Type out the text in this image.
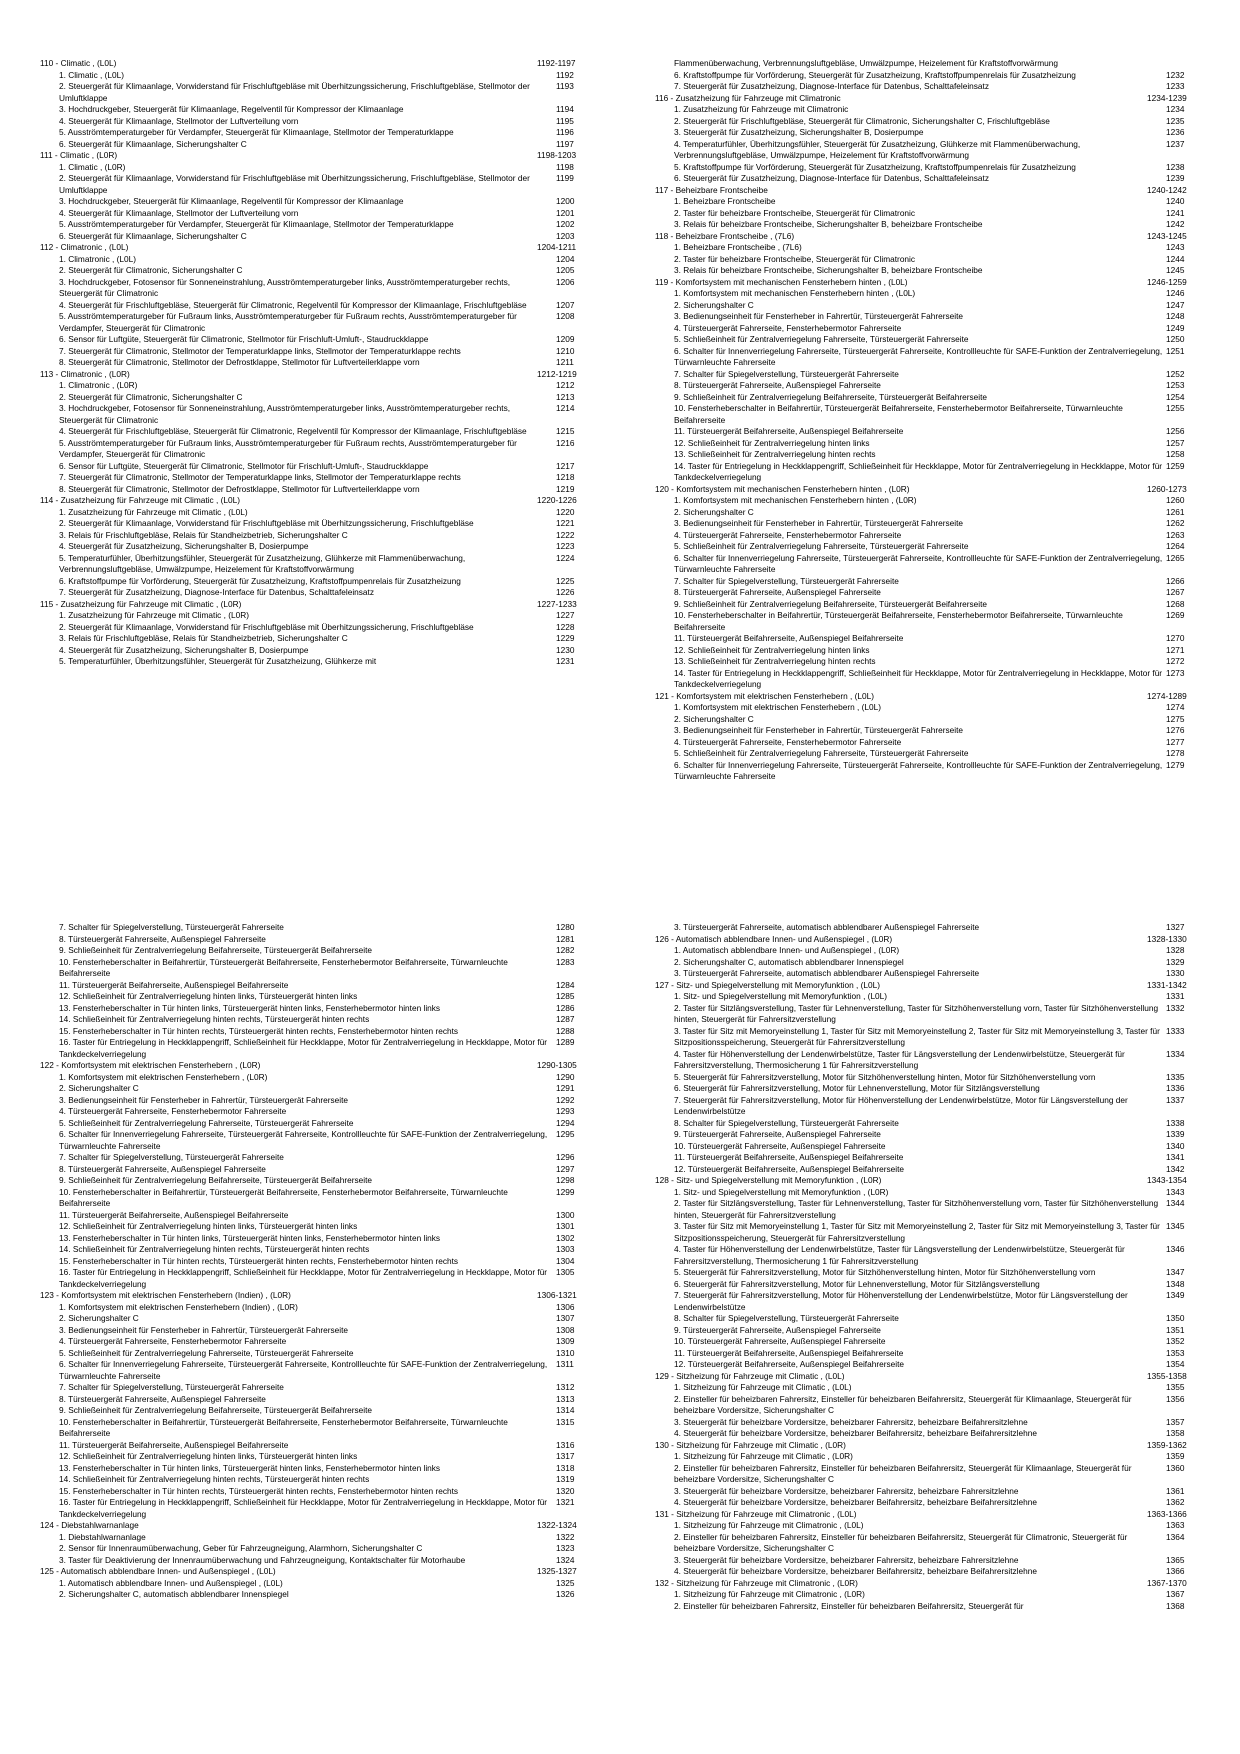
110 - Climatic , (L0L)	1192-1197
1. Climatic , (L0L)	1192
2. Steuergerät für Klimaanlage, Vorwiderstand für Frischluftgebläse mit Überhitzungssicherung, Frischluftgebläse, Stellmotor der Umluftklappe
1193
3. Hochdruckgeber, Steuergerät für Klimaanlage, Regelventil für Kompressor der Klimaanlage	1194
4. Steuergerät für Klimaanlage, Stellmotor der Luftverteilung vorn	1195
5. Ausströmtemperaturgeber für Verdampfer, Steuergerät für Klimaanlage, Stellmotor der Temperaturklappe	1196
6. Steuergerät für Klimaanlage, Sicherungshalter C	1197
111 - Climatic , (L0R)	1198-1203
1. Climatic , (L0R)	1198
2. Steuergerät für Klimaanlage, Vorwiderstand für Frischluftgebläse mit Überhitzungssicherung, Frischluftgebläse, Stellmotor der Umluftklappe
1199
3. Hochdruckgeber, Steuergerät für Klimaanlage, Regelventil für Kompressor der Klimaanlage	1200
4. Steuergerät für Klimaanlage, Stellmotor der Luftverteilung vorn	1201
5. Ausströmtemperaturgeber für Verdampfer, Steuergerät für Klimaanlage, Stellmotor der Temperaturklappe	1202
6. Steuergerät für Klimaanlage, Sicherungshalter C	1203
112 - Climatronic , (L0L)	1204-1211
1. Climatronic , (L0L)	1204
2. Steuergerät für Climatronic, Sicherungshalter C	1205
3. Hochdruckgeber, Fotosensor für Sonneneinstrahlung, Ausströmtemperaturgeber links, Ausströmtemperaturgeber rechts, Steuergerät für Climatronic
1206
4. Steuergerät für Frischluftgebläse, Steuergerät für Climatronic, Regelventil für Kompressor der Klimaanlage, Frischluftgebläse	1207
5. Ausströmtemperaturgeber für Fußraum links, Ausströmtemperaturgeber für Fußraum rechts, Ausströmtemperaturgeber für Verdampfer, Steuergerät für Climatronic
1208
6. Sensor für Luftgüte, Steuergerät für Climatronic, Stellmotor für Frischluft-Umluft-, Staudruckklappe	1209
7. Steuergerät für Climatronic, Stellmotor der Temperaturklappe links, Stellmotor der Temperaturklappe rechts	1210
8. Steuergerät für Climatronic, Stellmotor der Defrostklappe, Stellmotor für Luftverteilerklappe vorn	1211
113 - Climatronic , (L0R)	1212-1219
1. Climatronic , (L0R)	1212
2. Steuergerät für Climatronic, Sicherungshalter C	1213
3. Hochdruckgeber, Fotosensor für Sonneneinstrahlung, Ausströmtemperaturgeber links, Ausströmtemperaturgeber rechts, Steuergerät für Climatronic
1214
4. Steuergerät für Frischluftgebläse, Steuergerät für Climatronic, Regelventil für Kompressor der Klimaanlage, Frischluftgebläse	1215
5. Ausströmtemperaturgeber für Fußraum links, Ausströmtemperaturgeber für Fußraum rechts, Ausströmtemperaturgeber für Verdampfer, Steuergerät für Climatronic
1216
6. Sensor für Luftgüte, Steuergerät für Climatronic, Stellmotor für Frischluft-Umluft-, Staudruckklappe	1217
7. Steuergerät für Climatronic, Stellmotor der Temperaturklappe links, Stellmotor der Temperaturklappe rechts	1218
8. Steuergerät für Climatronic, Stellmotor der Defrostklappe, Stellmotor für Luftverteilerklappe vorn	1219
114 - Zusatzheizung für Fahrzeuge mit Climatic , (L0L)	1220-1226
1. Zusatzheizung für Fahrzeuge mit Climatic , (L0L)	1220
2. Steuergerät für Klimaanlage, Vorwiderstand für Frischluftgebläse mit Überhitzungssicherung, Frischluftgebläse	1221
3. Relais für Frischluftgebläse, Relais für Standheizbetrieb, Sicherungshalter C	1222
4. Steuergerät für Zusatzheizung, Sicherungshalter B, Dosierpumpe	1223
5. Temperaturfühler, Überhitzungsfühler, Steuergerät für Zusatzheizung, Glühkerze mit Flammenüberwachung, Verbrennungsluftgebläse, Umwälzpumpe, Heizelement für Kraftstoffvorwärmung
1224
6. Kraftstoffpumpe für Vorförderung, Steuergerät für Zusatzheizung, Kraftstoffpumpenrelais für Zusatzheizung	1225
7. Steuergerät für Zusatzheizung, Diagnose-Interface für Datenbus, Schalttafeleinsatz	1226
115 - Zusatzheizung für Fahrzeuge mit Climatic , (L0R)	1227-1233
1. Zusatzheizung für Fahrzeuge mit Climatic , (L0R)	1227
2. Steuergerät für Klimaanlage, Vorwiderstand für Frischluftgebläse mit Überhitzungssicherung, Frischluftgebläse	1228
3. Relais für Frischluftgebläse, Relais für Standheizbetrieb, Sicherungshalter C	1229
4. Steuergerät für Zusatzheizung, Sicherungshalter B, Dosierpumpe	1230
5. Temperaturfühler, Überhitzungsfühler, Steuergerät für Zusatzheizung, Glühkerze mit	1231
Flammenüberwachung, Verbrennungsluftgebläse, Umwälzpumpe, Heizelement für Kraftstoffvorwärmung
6. Kraftstoffpumpe für Vorförderung, Steuergerät für Zusatzheizung, Kraftstoffpumpenrelais für Zusatzheizung	1232
7. Steuergerät für Zusatzheizung, Diagnose-Interface für Datenbus, Schalttafeleinsatz	1233
116 - Zusatzheizung für Fahrzeuge mit Climatronic	1234-1239
1. Zusatzheizung für Fahrzeuge mit Climatronic	1234
2. Steuergerät für Frischluftgebläse, Steuergerät für Climatronic, Sicherungshalter C, Frischluftgebläse	1235
3. Steuergerät für Zusatzheizung, Sicherungshalter B, Dosierpumpe	1236
4. Temperaturfühler, Überhitzungsfühler, Steuergerät für Zusatzheizung, Glühkerze mit Flammenüberwachung, Verbrennungsluftgebläse, Umwälzpumpe, Heizelement für Kraftstoffvorwärmung
1237
5. Kraftstoffpumpe für Vorförderung, Steuergerät für Zusatzheizung, Kraftstoffpumpenrelais für Zusatzheizung	1238
6. Steuergerät für Zusatzheizung, Diagnose-Interface für Datenbus, Schalttafeleinsatz	1239
117 - Beheizbare Frontscheibe	1240-1242
1. Beheizbare Frontscheibe	1240
2. Taster für beheizbare Frontscheibe, Steuergerät für Climatronic	1241
3. Relais für beheizbare Frontscheibe, Sicherungshalter B, beheizbare Frontscheibe	1242
118 - Beheizbare Frontscheibe , (7L6)	1243-1245
1. Beheizbare Frontscheibe , (7L6)	1243
2. Taster für beheizbare Frontscheibe, Steuergerät für Climatronic	1244
3. Relais für beheizbare Frontscheibe, Sicherungshalter B, beheizbare Frontscheibe	1245
119 - Komfortsystem mit mechanischen Fensterhebern hinten , (L0L)	1246-1259
1. Komfortsystem mit mechanischen Fensterhebern hinten , (L0L)	1246
2. Sicherungshalter C	1247
3. Bedienungseinheit für Fensterheber in Fahrertür, Türsteuergerät Fahrerseite	1248
4. Türsteuergerät Fahrerseite, Fensterhebermotor Fahrerseite	1249
5. Schließeinheit für Zentralverriegelung Fahrerseite, Türsteuergerät Fahrerseite	1250
6. Schalter für Innenverriegelung Fahrerseite, Türsteuergerät Fahrerseite, Kontrollleuchte für SAFE-Funktion der Zentralverriegelung, Türwarnleuchte Fahrerseite
1251
7. Schalter für Spiegelverstellung, Türsteuergerät Fahrerseite	1252
8. Türsteuergerät Fahrerseite, Außenspiegel Fahrerseite	1253
9. Schließeinheit für Zentralverriegelung Beifahrerseite, Türsteuergerät Beifahrerseite	1254
10. Fensterheberschalter in Beifahrertür, Türsteuergerät Beifahrerseite, Fensterhebermotor Beifahrerseite, Türwarnleuchte Beifahrerseite
1255
11. Türsteuergerät Beifahrerseite, Außenspiegel Beifahrerseite	1256
12. Schließeinheit für Zentralverriegelung hinten links	1257
13. Schließeinheit für Zentralverriegelung hinten rechts	1258
14. Taster für Entriegelung in Heckklappengriff, Schließeinheit für Heckklappe, Motor für Zentralverriegelung in Heckklappe, Motor für Tankdeckelverriegelung
1259
120 - Komfortsystem mit mechanischen Fensterhebern hinten , (L0R)	1260-1273
1. Komfortsystem mit mechanischen Fensterhebern hinten , (L0R)	1260
2. Sicherungshalter C	1261
3. Bedienungseinheit für Fensterheber in Fahrertür, Türsteuergerät Fahrerseite	1262
4. Türsteuergerät Fahrerseite, Fensterhebermotor Fahrerseite	1263
5. Schließeinheit für Zentralverriegelung Fahrerseite, Türsteuergerät Fahrerseite	1264
6. Schalter für Innenverriegelung Fahrerseite, Türsteuergerät Fahrerseite, Kontrollleuchte für SAFE-Funktion der Zentralverriegelung, Türwarnleuchte Fahrerseite
1265
7. Schalter für Spiegelverstellung, Türsteuergerät Fahrerseite	1266
8. Türsteuergerät Fahrerseite, Außenspiegel Fahrerseite	1267
9. Schließeinheit für Zentralverriegelung Beifahrerseite, Türsteuergerät Beifahrerseite	1268
10. Fensterheberschalter in Beifahrertür, Türsteuergerät Beifahrerseite, Fensterhebermotor Beifahrerseite, Türwarnleuchte Beifahrerseite
1269
11. Türsteuergerät Beifahrerseite, Außenspiegel Beifahrerseite	1270
12. Schließeinheit für Zentralverriegelung hinten links	1271
13. Schließeinheit für Zentralverriegelung hinten rechts	1272
14. Taster für Entriegelung in Heckklappengriff, Schließeinheit für Heckklappe, Motor für Zentralverriegelung in Heckklappe, Motor für Tankdeckelverriegelung
1273
121 - Komfortsystem mit elektrischen Fensterhebern , (L0L)	1274-1289
1. Komfortsystem mit elektrischen Fensterhebern , (L0L)	1274
2. Sicherungshalter C	1275
3. Bedienungseinheit für Fensterheber in Fahrertür, Türsteuergerät Fahrerseite	1276
4. Türsteuergerät Fahrerseite, Fensterhebermotor Fahrerseite	1277
5. Schließeinheit für Zentralverriegelung Fahrerseite, Türsteuergerät Fahrerseite	1278
6. Schalter für Innenverriegelung Fahrerseite, Türsteuergerät Fahrerseite, Kontrollleuchte für SAFE-Funktion der Zentralverriegelung, Türwarnleuchte Fahrerseite
1279
7. Schalter für Spiegelverstellung, Türsteuergerät Fahrerseite	1280
8. Türsteuergerät Fahrerseite, Außenspiegel Fahrerseite	1281
9. Schließeinheit für Zentralverriegelung Beifahrerseite, Türsteuergerät Beifahrerseite	1282
10. Fensterheberschalter in Beifahrertür, Türsteuergerät Beifahrerseite, Fensterhebermotor Beifahrerseite, Türwarnleuchte Beifahrerseite
1283
11. Türsteuergerät Beifahrerseite, Außenspiegel Beifahrerseite	1284
12. Schließeinheit für Zentralverriegelung hinten links, Türsteuergerät hinten links	1285
13. Fensterheberschalter in Tür hinten links, Türsteuergerät hinten links, Fensterhebermotor hinten links	1286
14. Schließeinheit für Zentralverriegelung hinten rechts, Türsteuergerät hinten rechts	1287
15. Fensterheberschalter in Tür hinten rechts, Türsteuergerät hinten rechts, Fensterhebermotor hinten rechts	1288
16. Taster für Entriegelung in Heckklappengriff, Schließeinheit für Heckklappe, Motor für Zentralverriegelung in Heckklappe, Motor für Tankdeckelverriegelung
1289
122 - Komfortsystem mit elektrischen Fensterhebern , (L0R)	1290-1305
1. Komfortsystem mit elektrischen Fensterhebern , (L0R)	1290
2. Sicherungshalter C	1291
3. Bedienungseinheit für Fensterheber in Fahrertür, Türsteuergerät Fahrerseite	1292
4. Türsteuergerät Fahrerseite, Fensterhebermotor Fahrerseite	1293
5. Schließeinheit für Zentralverriegelung Fahrerseite, Türsteuergerät Fahrerseite	1294
6. Schalter für Innenverriegelung Fahrerseite, Türsteuergerät Fahrerseite, Kontrollleuchte für SAFE-Funktion der Zentralverriegelung, Türwarnleuchte Fahrerseite
1295
7. Schalter für Spiegelverstellung, Türsteuergerät Fahrerseite	1296
8. Türsteuergerät Fahrerseite, Außenspiegel Fahrerseite	1297
9. Schließeinheit für Zentralverriegelung Beifahrerseite, Türsteuergerät Beifahrerseite	1298
10. Fensterheberschalter in Beifahrertür, Türsteuergerät Beifahrerseite, Fensterhebermotor Beifahrerseite, Türwarnleuchte Beifahrerseite
1299
11. Türsteuergerät Beifahrerseite, Außenspiegel Beifahrerseite	1300
12. Schließeinheit für Zentralverriegelung hinten links, Türsteuergerät hinten links	1301
13. Fensterheberschalter in Tür hinten links, Türsteuergerät hinten links, Fensterhebermotor hinten links	1302
14. Schließeinheit für Zentralverriegelung hinten rechts, Türsteuergerät hinten rechts	1303
15. Fensterheberschalter in Tür hinten rechts, Türsteuergerät hinten rechts, Fensterhebermotor hinten rechts	1304
16. Taster für Entriegelung in Heckklappengriff, Schließeinheit für Heckklappe, Motor für Zentralverriegelung in Heckklappe, Motor für Tankdeckelverriegelung
1305
123 - Komfortsystem mit elektrischen Fensterhebern (Indien) , (L0R)	1306-1321
1. Komfortsystem mit elektrischen Fensterhebern (Indien) , (L0R)	1306
2. Sicherungshalter C	1307
3. Bedienungseinheit für Fensterheber in Fahrertür, Türsteuergerät Fahrerseite	1308
4. Türsteuergerät Fahrerseite, Fensterhebermotor Fahrerseite	1309
5. Schließeinheit für Zentralverriegelung Fahrerseite, Türsteuergerät Fahrerseite	1310
6. Schalter für Innenverriegelung Fahrerseite, Türsteuergerät Fahrerseite, Kontrollleuchte für SAFE-Funktion der Zentralverriegelung, Türwarnleuchte Fahrerseite
1311
7. Schalter für Spiegelverstellung, Türsteuergerät Fahrerseite	1312
8. Türsteuergerät Fahrerseite, Außenspiegel Fahrerseite	1313
9. Schließeinheit für Zentralverriegelung Beifahrerseite, Türsteuergerät Beifahrerseite	1314
10. Fensterheberschalter in Beifahrertür, Türsteuergerät Beifahrerseite, Fensterhebermotor Beifahrerseite, Türwarnleuchte Beifahrerseite
1315
11. Türsteuergerät Beifahrerseite, Außenspiegel Beifahrerseite	1316
12. Schließeinheit für Zentralverriegelung hinten links, Türsteuergerät hinten links	1317
13. Fensterheberschalter in Tür hinten links, Türsteuergerät hinten links, Fensterhebermotor hinten links	1318
14. Schließeinheit für Zentralverriegelung hinten rechts, Türsteuergerät hinten rechts	1319
15. Fensterheberschalter in Tür hinten rechts, Türsteuergerät hinten rechts, Fensterhebermotor hinten rechts	1320
16. Taster für Entriegelung in Heckklappengriff, Schließeinheit für Heckklappe, Motor für Zentralverriegelung in Heckklappe, Motor für Tankdeckelverriegelung
1321
124 - Diebstahlwarnanlage	1322-1324
1. Diebstahlwarnanlage	1322
2. Sensor für Innenraumüberwachung, Geber für Fahrzeugneigung, Alarmhorn, Sicherungshalter C	1323
3. Taster für Deaktivierung der Innenraumüberwachung und Fahrzeugneigung, Kontaktschalter für Motorhaube	1324
125 - Automatisch abblendbare Innen- und Außenspiegel , (L0L)	1325-1327
1. Automatisch abblendbare Innen- und Außenspiegel , (L0L)	1325
2. Sicherungshalter C, automatisch abblendbarer Innenspiegel	1326
3. Türsteuergerät Fahrerseite, automatisch abblendbarer Außenspiegel Fahrerseite	1327
126 - Automatisch abblendbare Innen- und Außenspiegel , (L0R)	1328-1330
1. Automatisch abblendbare Innen- und Außenspiegel , (L0R)	1328
2. Sicherungshalter C, automatisch abblendbarer Innenspiegel	1329
3. Türsteuergerät Fahrerseite, automatisch abblendbarer Außenspiegel Fahrerseite	1330
127 - Sitz- und Spiegelverstellung mit Memoryfunktion , (L0L)	1331-1342
1. Sitz- und Spiegelverstellung mit Memoryfunktion , (L0L)	1331
2. Taster für Sitzlängsverstellung, Taster für Lehnenverstellung, Taster für Sitzhöhenverstellung vorn, Taster für Sitzhöhenverstellung hinten, Steuergerät für Fahrersitzverstellung
1332
3. Taster für Sitz mit Memoryeinstellung 1, Taster für Sitz mit Memoryeinstellung 2, Taster für Sitz mit Memoryeinstellung 3, Taster für Sitzpositionsspeicherung, Steuergerät für Fahrersitzverstellung
1333
4. Taster für Höhenverstellung der Lendenwirbelstütze, Taster für Längsverstellung der Lendenwirbelstütze, Steuergerät für Fahrersitzverstellung, Thermosicherung 1 für Fahrersitzverstellung
1334
5. Steuergerät für Fahrersitzverstellung, Motor für Sitzhöhenverstellung hinten, Motor für Sitzhöhenverstellung vorn	1335
6. Steuergerät für Fahrersitzverstellung, Motor für Lehnenverstellung, Motor für Sitzlängsverstellung	1336
7. Steuergerät für Fahrersitzverstellung, Motor für Höhenverstellung der Lendenwirbelstütze, Motor für Längsverstellung der Lendenwirbelstütze
1337
8. Schalter für Spiegelverstellung, Türsteuergerät Fahrerseite	1338
9. Türsteuergerät Fahrerseite, Außenspiegel Fahrerseite	1339
10. Türsteuergerät Fahrerseite, Außenspiegel Fahrerseite	1340
11. Türsteuergerät Beifahrerseite, Außenspiegel Beifahrerseite	1341
12. Türsteuergerät Beifahrerseite, Außenspiegel Beifahrerseite	1342
128 - Sitz- und Spiegelverstellung mit Memoryfunktion , (L0R)	1343-1354
1. Sitz- und Spiegelverstellung mit Memoryfunktion , (L0R)	1343
2. Taster für Sitzlängsverstellung, Taster für Lehnenverstellung, Taster für Sitzhöhenverstellung vorn, Taster für Sitzhöhenverstellung hinten, Steuergerät für Fahrersitzverstellung
1344
3. Taster für Sitz mit Memoryeinstellung 1, Taster für Sitz mit Memoryeinstellung 2, Taster für Sitz mit Memoryeinstellung 3, Taster für Sitzpositionsspeicherung, Steuergerät für Fahrersitzverstellung
1345
4. Taster für Höhenverstellung der Lendenwirbelstütze, Taster für Längsverstellung der Lendenwirbelstütze, Steuergerät für Fahrersitzverstellung, Thermosicherung 1 für Fahrersitzverstellung
1346
5. Steuergerät für Fahrersitzverstellung, Motor für Sitzhöhenverstellung hinten, Motor für Sitzhöhenverstellung vorn	1347
6. Steuergerät für Fahrersitzverstellung, Motor für Lehnenverstellung, Motor für Sitzlängsverstellung	1348
7. Steuergerät für Fahrersitzverstellung, Motor für Höhenverstellung der Lendenwirbelstütze, Motor für Längsverstellung der Lendenwirbelstütze
1349
8. Schalter für Spiegelverstellung, Türsteuergerät Fahrerseite	1350
9. Türsteuergerät Fahrerseite, Außenspiegel Fahrerseite	1351
10. Türsteuergerät Fahrerseite, Außenspiegel Fahrerseite	1352
11. Türsteuergerät Beifahrerseite, Außenspiegel Beifahrerseite	1353
12. Türsteuergerät Beifahrerseite, Außenspiegel Beifahrerseite	1354
129 - Sitzheizung für Fahrzeuge mit Climatic , (L0L)	1355-1358
1. Sitzheizung für Fahrzeuge mit Climatic , (L0L)	1355
2. Einsteller für beheizbaren Fahrersitz, Einsteller für beheizbaren Beifahrersitz, Steuergerät für Klimaanlage, Steuergerät für beheizbare Vordersitze, Sicherungshalter C
1356
3. Steuergerät für beheizbare Vordersitze, beheizbarer Fahrersitz, beheizbare Beifahrersitzlehne	1357
4. Steuergerät für beheizbare Vordersitze, beheizbarer Beifahrersitz, beheizbare Beifahrersitzlehne	1358
130 - Sitzheizung für Fahrzeuge mit Climatic , (L0R)	1359-1362
1. Sitzheizung für Fahrzeuge mit Climatic , (L0R)	1359
2. Einsteller für beheizbaren Fahrersitz, Einsteller für beheizbaren Beifahrersitz, Steuergerät für Klimaanlage, Steuergerät für beheizbare Vordersitze, Sicherungshalter C
1360
3. Steuergerät für beheizbare Vordersitze, beheizbarer Fahrersitz, beheizbare Fahrersitzlehne	1361
4. Steuergerät für beheizbare Vordersitze, beheizbarer Beifahrersitz, beheizbare Beifahrersitzlehne	1362
131 - Sitzheizung für Fahrzeuge mit Climatronic , (L0L)	1363-1366
1. Sitzheizung für Fahrzeuge mit Climatronic , (L0L)	1363
2. Einsteller für beheizbaren Fahrersitz, Einsteller für beheizbaren Beifahrersitz, Steuergerät für Climatronic, Steuergerät für beheizbare Vordersitze, Sicherungshalter C
1364
3. Steuergerät für beheizbare Vordersitze, beheizbarer Fahrersitz, beheizbare Fahrersitzlehne	1365
4. Steuergerät für beheizbare Vordersitze, beheizbarer Beifahrersitz, beheizbare Beifahrersitzlehne	1366
132 - Sitzheizung für Fahrzeuge mit Climatronic , (L0R)	1367-1370
1. Sitzheizung für Fahrzeuge mit Climatronic , (L0R)	1367
2. Einsteller für beheizbaren Fahrersitz, Einsteller für beheizbaren Beifahrersitz, Steuergerät für	1368
